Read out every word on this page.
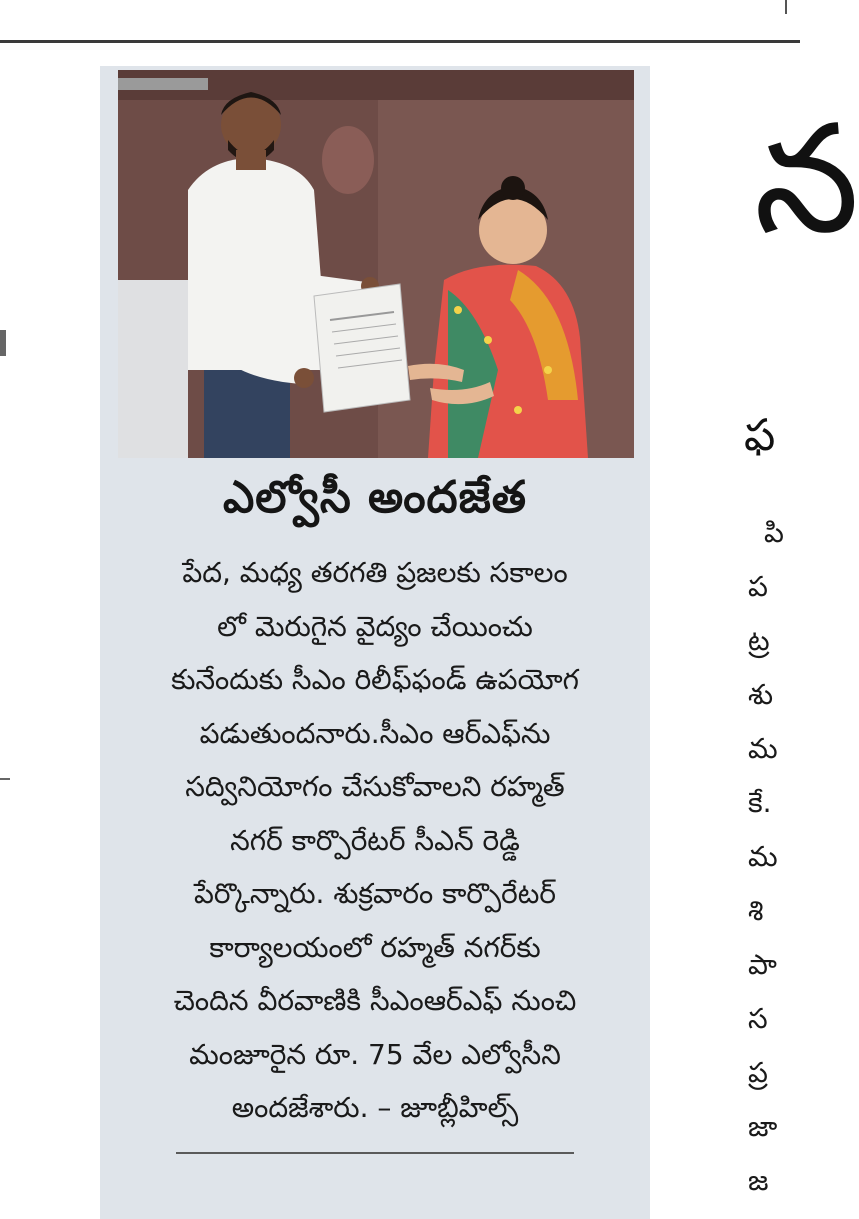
ఎల్వోసీ అందజేత
పేద, మధ్య తరగతి ప్రజలకు సకాలం
లో మెరుగైన వైద్యం చేయించు
కునేందుకు సీఎం రిలీఫ్‌ఫండ్ ఉపయోగ
పడుతుందనారు.సీఎం ఆర్‌ఎఫ్‌ను
సద్వినియోగం చేసుకోవాలని రహ్మత్
నగర్ కార్పొరేటర్ సీఎన్ రెడ్డి
పేర్కొన్నారు. శుక్రవారం కార్పొరేటర్
కార్యాలయంలో రహ్మత్ నగర్‌కు
చెందిన వీరవాణికి సీఎంఆర్‌ఎఫ్ నుంచి
మంజూరైన రూ. 75 వేల ఎల్వోసీని
అందజేశారు. – జూబ్లీహిల్స్
న
ఫ
పి
ప
ట్ర
శు
మ
కే.
మ
శి
పా
స
ప్ర
జా
జ
